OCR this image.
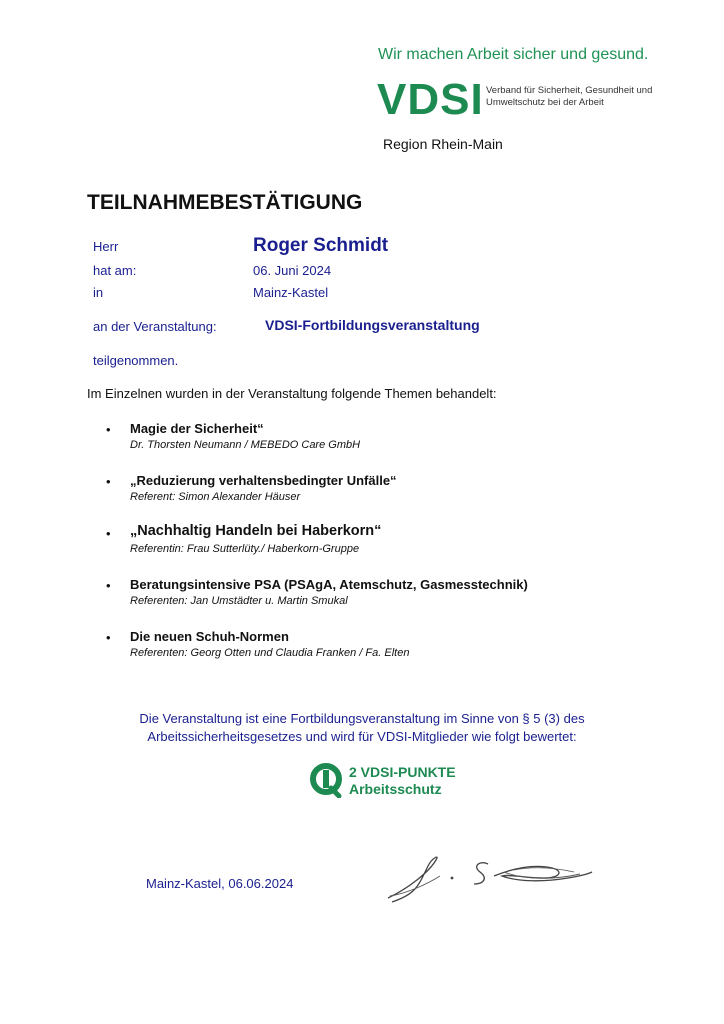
Wir machen Arbeit sicher und gesund.
VDSI Verband für Sicherheit, Gesundheit und Umweltschutz bei der Arbeit
Region Rhein-Main
TEILNAHMEBESTÄTIGUNG
Herr	Roger Schmidt
hat am:	06. Juni 2024
in	Mainz-Kastel
an der Veranstaltung:	VDSI-Fortbildungsveranstaltung
teilgenommen.
Im Einzelnen wurden in der Veranstaltung folgende Themen behandelt:
• Magie der Sicherheit“
Dr. Thorsten Neumann / MEBEDO Care GmbH
• „Reduzierung verhaltensbedingter Unfälle“
Referent: Simon Alexander Häuser
• „Nachhaltig Handeln bei Haberkorn“
Referentin: Frau Sutterlüty./ Haberkorn-Gruppe
• Beratungsintensive PSA (PSAgA, Atemschutz, Gasmesstechnik)
Referenten: Jan Umstädter u. Martin Smukal
• Die neuen Schuh-Normen
Referenten: Georg Otten und Claudia Franken / Fa. Elten
Die Veranstaltung ist eine Fortbildungsveranstaltung im Sinne von § 5 (3) des
Arbeitssicherheitsgesetzes und wird für VDSI-Mitglieder wie folgt bewertet:
2 VDSI-PUNKTE
Arbeitsschutz
Mainz-Kastel, 06.06.2024
